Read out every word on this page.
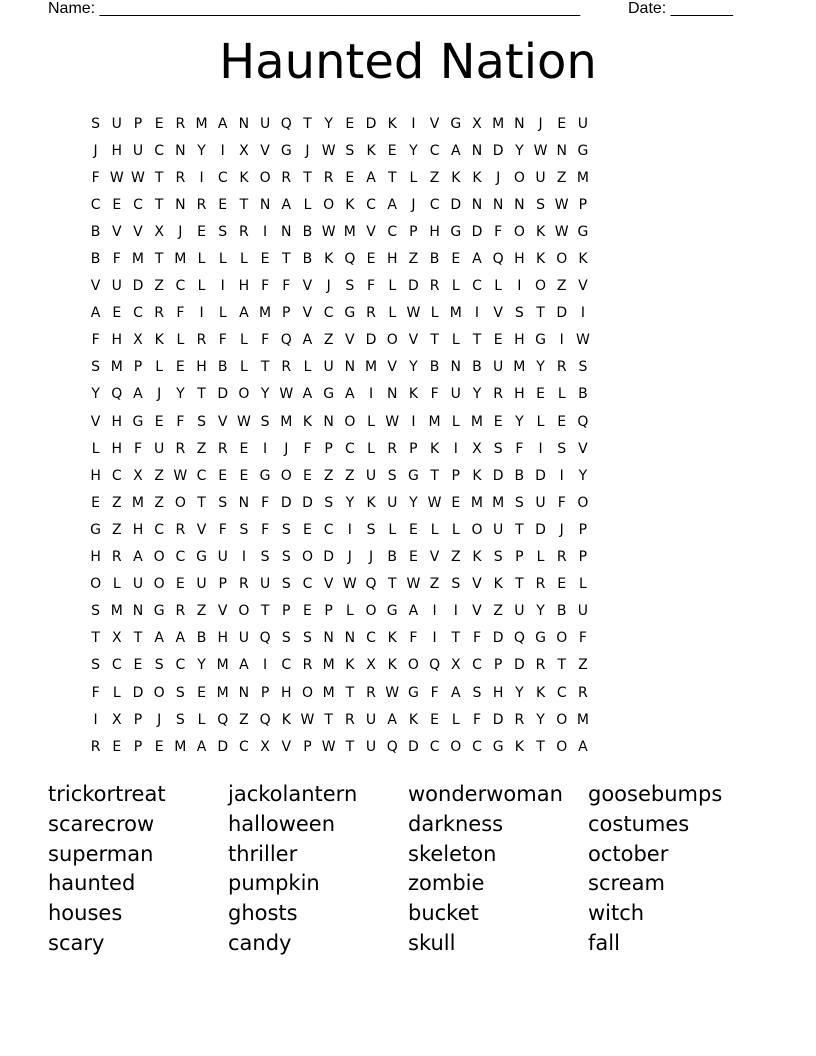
Name: ______________________________________________________	Date: _______
Haunted Nation
S U P E R M A N U Q T Y E D K	I	V G X M N J	E U
J H U C N Y	I	X V G J W S K E Y C A N D Y W N G
F W W T R	I	C K O R T R E A T L Z K K	J O U Z M
C E C T N R E T N A L O K C A	J	C D N N N S W P
B V V X	J	E S R	I N B W M V C P H G D F O K W G
B F M T M L L L E T B K Q E H Z B E A Q H K O K
V U D Z C L	I H F F V	J	S F L D R L C L	I O Z V
A E C R F	I	L A M P V C G R L W L M I	V S T D I
F H X K L R F L F Q A Z V D O V T L T E H G I W
S M P L E H B L T R L U N M V Y B N B U M Y R S
Y Q A	J	Y T D O Y W A G A	I N K F U Y R H E L B
V H G E F S V W S M K N O L W I M L M E Y L E Q
L H F U R Z R E	I	J	F P C L R P K	I	X S F	I	S V
H C X Z W C E E G O E Z Z U S G T P K D B D I	Y
E Z M Z O T S N F D D S Y K U Y W E M M S U F O
G Z H C R V F S F S E C	I	S L E L L O U T D J	P
H R A O C G U I	S S O D J	J	B E V Z K S P L R P
O L U O E U P R U S C V W Q T W Z S V K T R E L
S M N G R Z V O T P E P L O G A	I	I	V Z U Y B U
T X T A A B H U Q S S N N C K F	I	T F D Q G O F
S C E S C Y M A	I	C R M K X K O Q X C P D R T Z
F L D O S E M N P H O M T R W G F A S H Y K C R
I	X P	J	S L Q Z Q K W T R U A K E L F D R Y O M
R E P E M A D C X V P W T U Q D C O C G K T O A
trickortreat	jackolantern	wonderwoman	goosebumps
scarecrow	halloween	darkness	costumes
superman	thriller	skeleton	october
haunted	pumpkin	zombie	scream
houses	ghosts	bucket	witch
scary	candy	skull	fall
